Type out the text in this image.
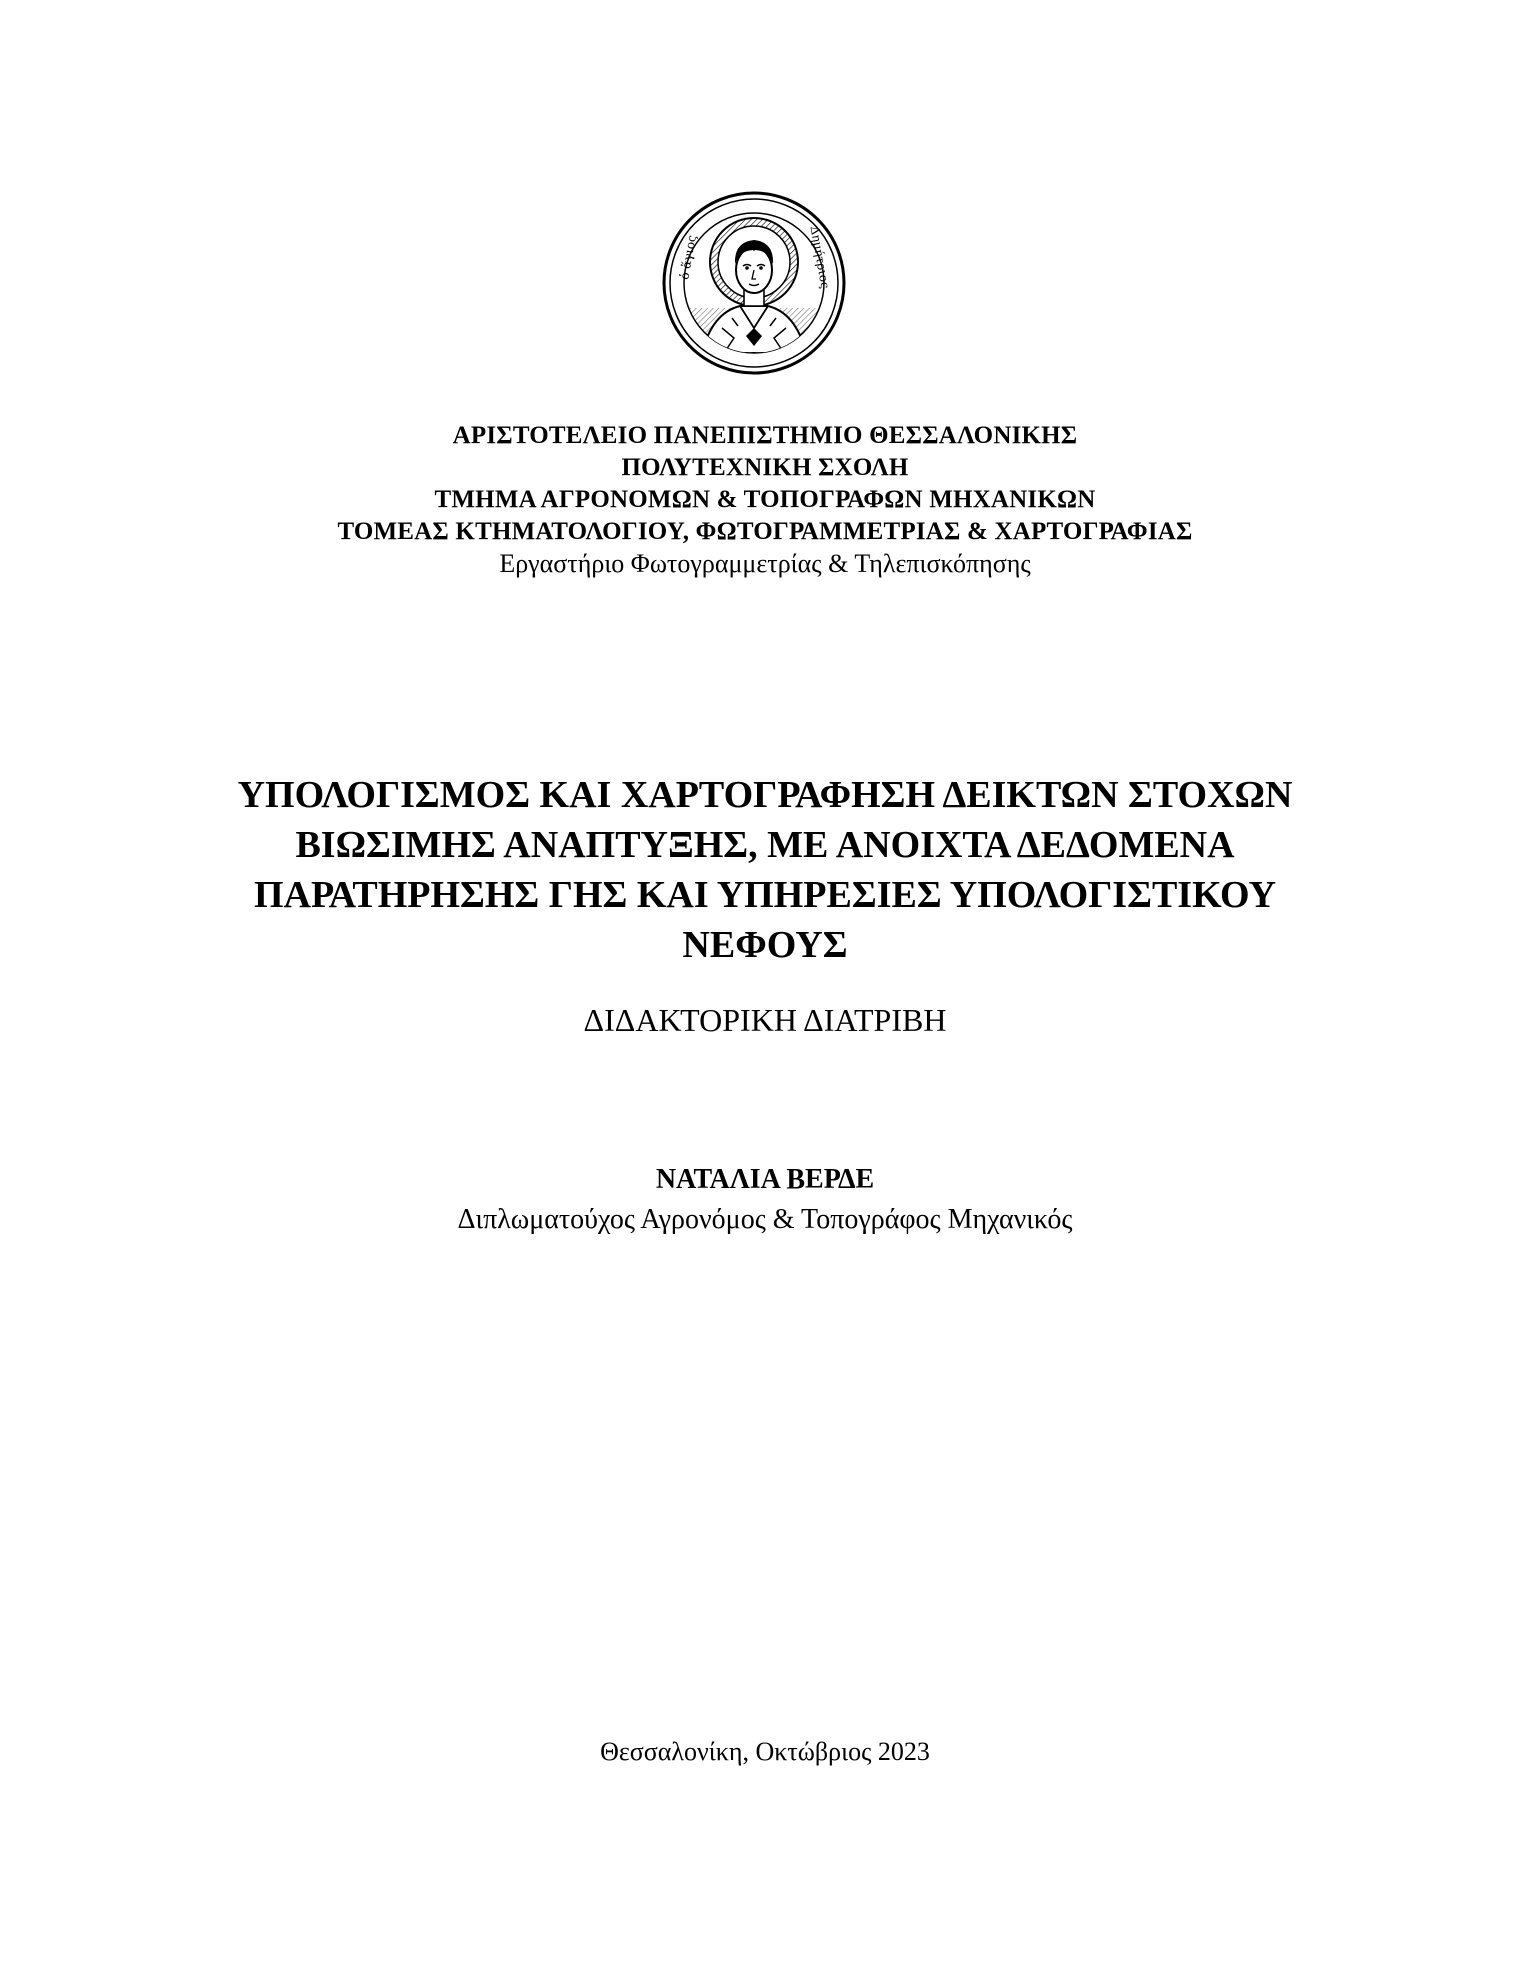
ὁ ἅγιος	Δημήτριος
ΑΡΙΣΤΟΤΕΛΕΙΟ ΠΑΝΕΠΙΣΤΗΜΙΟ ΘΕΣΣΑΛΟΝΙΚΗΣ
ΠΟΛΥΤΕΧΝΙΚΗ ΣΧΟΛΗ
ΤΜΗΜΑ ΑΓΡΟΝΟΜΩΝ & ΤΟΠΟΓΡΑΦΩΝ ΜΗΧΑΝΙΚΩΝ
ΤΟΜΕΑΣ ΚΤΗΜΑΤΟΛΟΓΙΟΥ, ΦΩΤΟΓΡΑΜΜΕΤΡΙΑΣ & ΧΑΡΤΟΓΡΑΦΙΑΣ
Εργαστήριο Φωτογραμμετρίας & Τηλεπισκόπησης
ΥΠΟΛΟΓΙΣΜΟΣ ΚΑΙ ΧΑΡΤΟΓΡΑΦΗΣΗ ΔΕΙΚΤΩΝ ΣΤΟΧΩΝ
ΒΙΩΣΙΜΗΣ ΑΝΑΠΤΥΞΗΣ, ΜΕ ΑΝΟΙΧΤΑ ΔΕΔΟΜΕΝΑ
ΠΑΡΑΤΗΡΗΣΗΣ ΓΗΣ ΚΑΙ ΥΠΗΡΕΣΙΕΣ ΥΠΟΛΟΓΙΣΤΙΚΟΥ
ΝΕΦΟΥΣ
ΔΙΔΑΚΤΟΡΙΚΗ ΔΙΑΤΡΙΒΗ
ΝΑΤΑΛΙΑ ΒΕΡΔΕ
Διπλωματούχος Αγρονόμος & Τοπογράφος Μηχανικός
Θεσσαλονίκη, Οκτώβριος 2023
